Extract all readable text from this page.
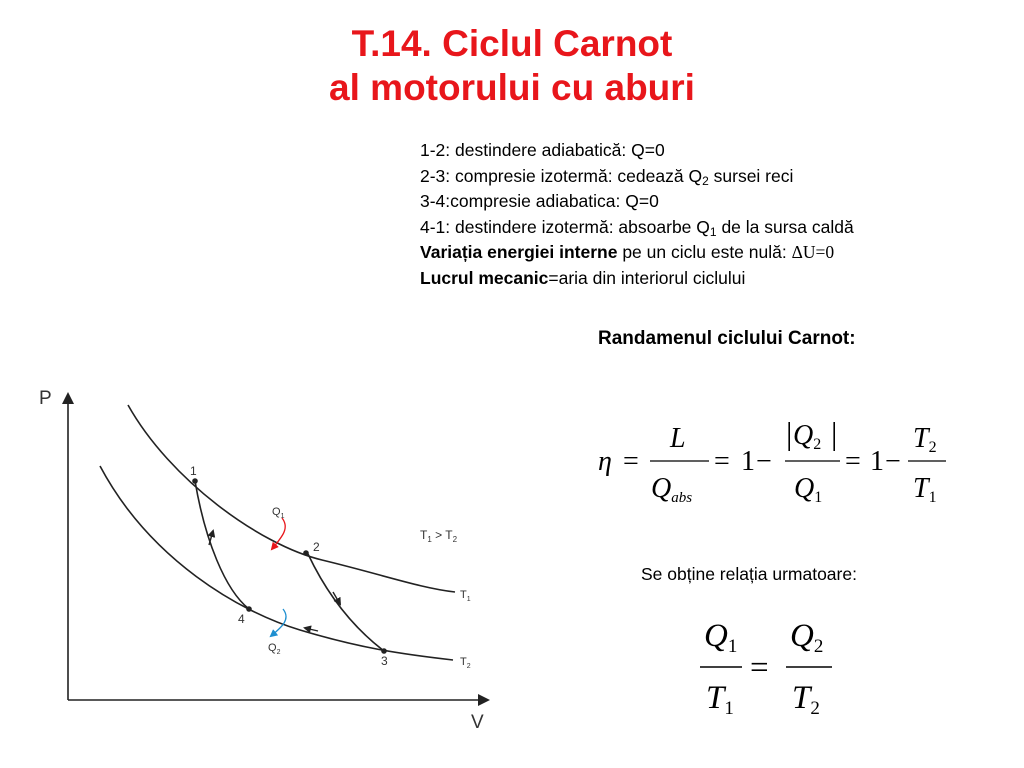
T.14. Ciclul Carnot
al motorului cu aburi
1-2: destindere adiabatică: Q=0
2-3: compresie izotermă: cedează $Q_2$ sursei reci
3-4:compresie adiabatica: Q=0
4-1: destindere izotermă: absoarbe $Q_1$ de la sursa caldă
Variația energiei interne pe un ciclu este nulă: ΔU=0
Lucrul mecanic=aria din interiorul ciclului
Randamenul ciclului Carnot:
Se obține relația urmatoare:
P
V
1
2
3
4
$Q_1$
$Q_2$
$T_1$
$T_2$
$T_1 > T_2$
η =
L
Qabs
= 1 −
| Q2 |
Q1
= 1 −
T2
T1
Q1
T1
=
Q2
T2
